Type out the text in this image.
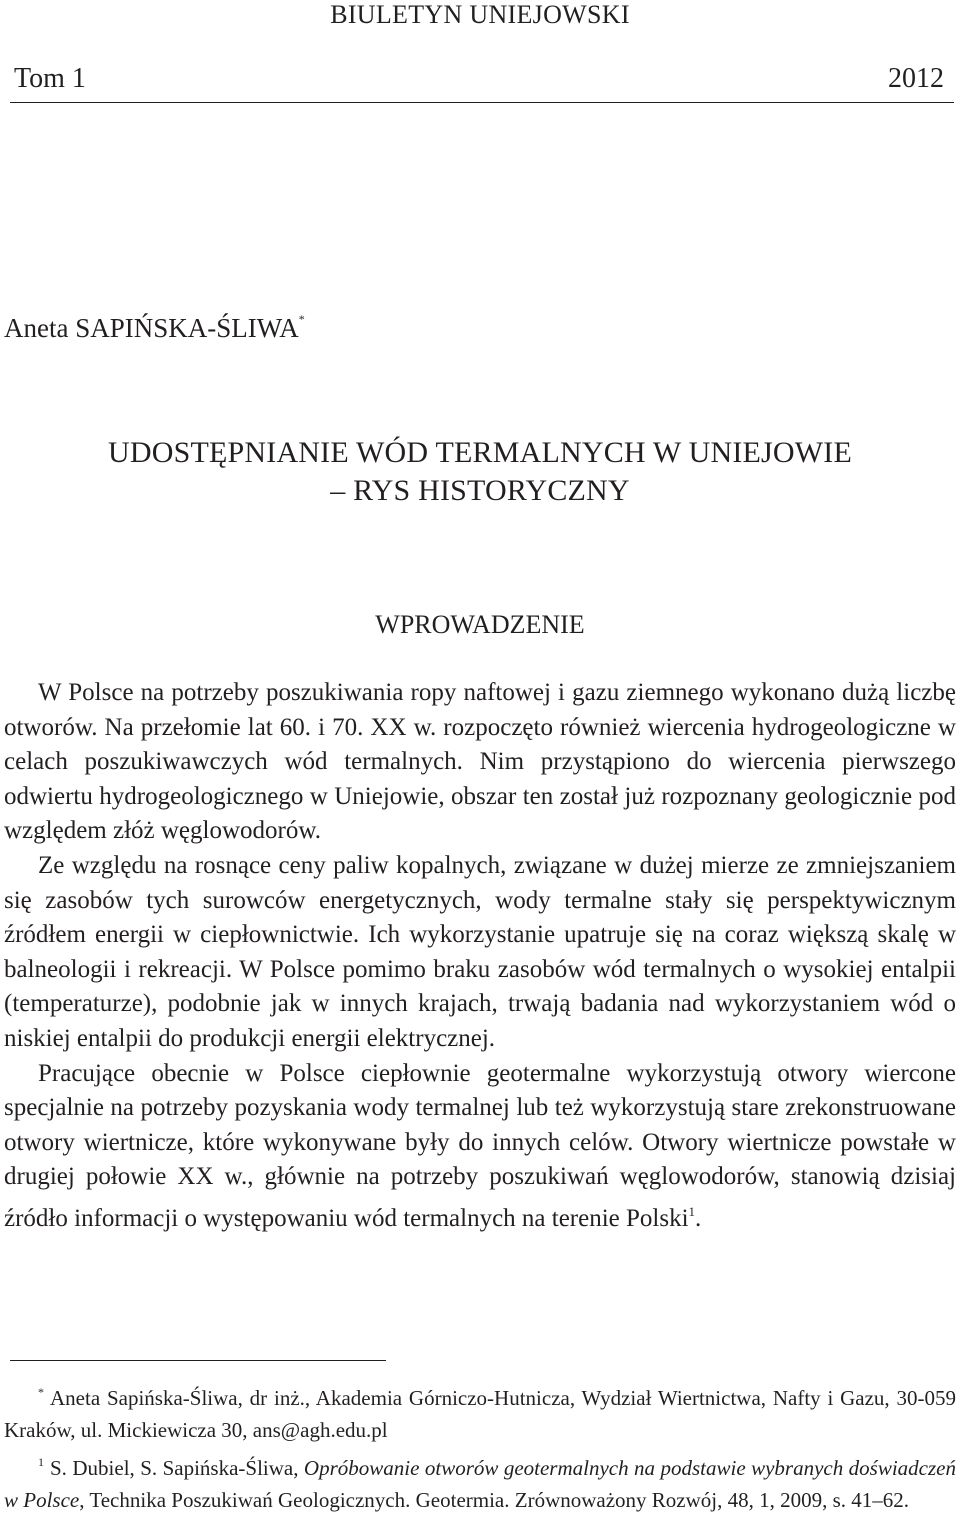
BIULETYN UNIEJOWSKI
Tom 1	2012
Aneta SAPIŃSKA-ŚLIWA*
UDOSTĘPNIANIE WÓD TERMALNYCH W UNIEJOWIE
– RYS HISTORYCZNY
WPROWADZENIE

W Polsce na potrzeby poszukiwania ropy naftowej i gazu ziemnego wykonano dużą liczbę otworów. Na przełomie lat 60. i 70. XX w. rozpoczęto również wiercenia hydrogeologiczne w celach poszukiwawczych wód termalnych. Nim przystąpiono do wiercenia pierwszego odwiertu hydrogeologicznego w Uniejowie, obszar ten został już rozpoznany geologicznie pod względem złóż węglowodorów.

Ze względu na rosnące ceny paliw kopalnych, związane w dużej mierze ze zmniejszaniem się zasobów tych surowców energetycznych, wody termalne stały się perspektywicznym źródłem energii w ciepłownictwie. Ich wykorzystanie upatruje się na coraz większą skalę w balneologii i rekreacji. W Polsce pomimo braku zasobów wód termalnych o wysokiej entalpii (temperaturze), podobnie jak w innych krajach, trwają badania nad wykorzystaniem wód o niskiej entalpii do produkcji energii elektrycznej.

Pracujące obecnie w Polsce ciepłownie geotermalne wykorzystują otwory wiercone specjalnie na potrzeby pozyskania wody termalnej lub też wykorzystują stare zrekonstruowane otwory wiertnicze, które wykonywane były do innych celów. Otwory wiertnicze powstałe w drugiej połowie XX w., głównie na potrzeby poszukiwań węglowodorów, stanowią dzisiaj źródło informacji o występowaniu wód termalnych na terenie Polski$^1$.

* Aneta Sapińska-Śliwa, dr inż., Akademia Górniczo-Hutnicza, Wydział Wiertnictwa, Nafty i Gazu, 30-059 Kraków, ul. Mickiewicza 30, ans@agh.edu.pl

$^1$ S. Dubiel, S. Sapińska-Śliwa, Opróbowanie otworów geotermalnych na podstawie wybranych doświadczeń w Polsce, Technika Poszukiwań Geologicznych. Geotermia. Zrównoważony Rozwój, 48, 1, 2009, s. 41–62.
